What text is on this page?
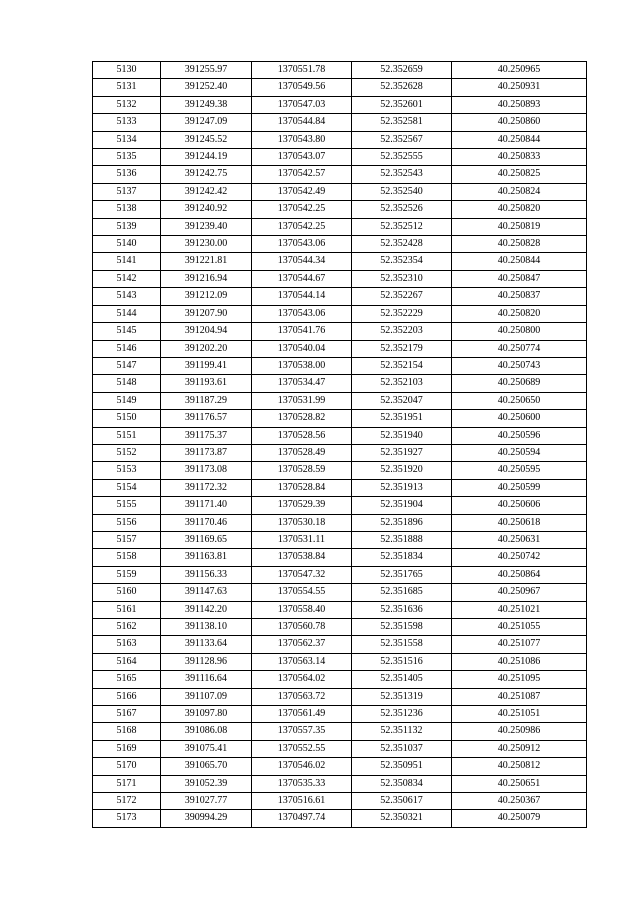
5130	391255.97	1370551.78	52.352659	40.250965
5131	391252.40	1370549.56	52.352628	40.250931
5132	391249.38	1370547.03	52.352601	40.250893
5133	391247.09	1370544.84	52.352581	40.250860
5134	391245.52	1370543.80	52.352567	40.250844
5135	391244.19	1370543.07	52.352555	40.250833
5136	391242.75	1370542.57	52.352543	40.250825
5137	391242.42	1370542.49	52.352540	40.250824
5138	391240.92	1370542.25	52.352526	40.250820
5139	391239.40	1370542.25	52.352512	40.250819
5140	391230.00	1370543.06	52.352428	40.250828
5141	391221.81	1370544.34	52.352354	40.250844
5142	391216.94	1370544.67	52.352310	40.250847
5143	391212.09	1370544.14	52.352267	40.250837
5144	391207.90	1370543.06	52.352229	40.250820
5145	391204.94	1370541.76	52.352203	40.250800
5146	391202.20	1370540.04	52.352179	40.250774
5147	391199.41	1370538.00	52.352154	40.250743
5148	391193.61	1370534.47	52.352103	40.250689
5149	391187.29	1370531.99	52.352047	40.250650
5150	391176.57	1370528.82	52.351951	40.250600
5151	391175.37	1370528.56	52.351940	40.250596
5152	391173.87	1370528.49	52.351927	40.250594
5153	391173.08	1370528.59	52.351920	40.250595
5154	391172.32	1370528.84	52.351913	40.250599
5155	391171.40	1370529.39	52.351904	40.250606
5156	391170.46	1370530.18	52.351896	40.250618
5157	391169.65	1370531.11	52.351888	40.250631
5158	391163.81	1370538.84	52.351834	40.250742
5159	391156.33	1370547.32	52.351765	40.250864
5160	391147.63	1370554.55	52.351685	40.250967
5161	391142.20	1370558.40	52.351636	40.251021
5162	391138.10	1370560.78	52.351598	40.251055
5163	391133.64	1370562.37	52.351558	40.251077
5164	391128.96	1370563.14	52.351516	40.251086
5165	391116.64	1370564.02	52.351405	40.251095
5166	391107.09	1370563.72	52.351319	40.251087
5167	391097.80	1370561.49	52.351236	40.251051
5168	391086.08	1370557.35	52.351132	40.250986
5169	391075.41	1370552.55	52.351037	40.250912
5170	391065.70	1370546.02	52.350951	40.250812
5171	391052.39	1370535.33	52.350834	40.250651
5172	391027.77	1370516.61	52.350617	40.250367
5173	390994.29	1370497.74	52.350321	40.250079
